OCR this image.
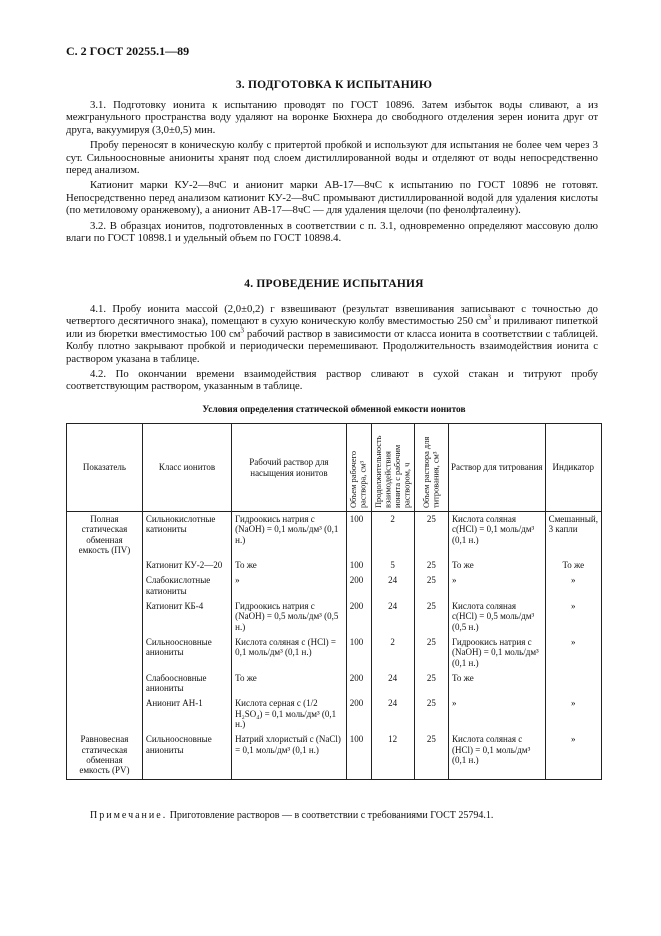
С. 2 ГОСТ 20255.1—89
3. ПОДГОТОВКА К ИСПЫТАНИЮ

3.1. Подготовку ионита к испытанию проводят по ГОСТ 10896. Затем избыток воды сливают, а из межгранульного пространства воду удаляют на воронке Бюхнера до свободного отделения зерен ионита друг от друга, вакуумируя (3,0±0,5) мин.

Пробу переносят в коническую колбу с притертой пробкой и используют для испытания не более чем через 3 сут. Сильноосновные аниониты хранят под слоем дистиллированной воды и отделяют от воды непосредственно перед анализом.

Катионит марки КУ-2—8чС и анионит марки АВ-17—8чС к испытанию по ГОСТ 10896 не готовят. Непосредственно перед анализом катионит КУ-2—8чС промывают дистиллированной водой для удаления кислоты (по метиловому оранжевому), а анионит АВ-17—8чС — для удаления щелочи (по фенолфталеину).

3.2. В образцах ионитов, подготовленных в соответствии с п. 3.1, одновременно определяют массовую долю влаги по ГОСТ 10898.1 и удельный объем по ГОСТ 10898.4.

4. ПРОВЕДЕНИЕ ИСПЫТАНИЯ

4.1. Пробу ионита массой (2,0±0,2) г взвешивают (результат взвешивания записывают с точностью до четвертого десятичного знака), помещают в сухую коническую колбу вместимостью 250 $см^3$ и приливают пипеткой или из бюретки вместимостью 100 $см^3$ рабочий раствор в зависимости от класса ионита в соответствии с таблицей. Колбу плотно закрывают пробкой и периодически перемешивают. Продолжительность взаимодействия ионита с раствором указана в таблице.

4.2. По окончании времени взаимодействия раствор сливают в сухой стакан и титруют пробу соответствующим раствором, указанным в таблице.

Условия определения статической обменной емкости ионитов
Показатель	Класс ионитов	Рабочий раствор для насыщения ионитов	Объем рабочего раствора, см³	Продолжительность взаимодействия ионита с рабочим раствором, ч	Объем раствора для титрования, см³	Раствор для титрования	Индикатор
Полная статическая обменная емкость (ПV)	Сильнокислотные катиониты	Гидроокись натрия c (NaOH) = 0,1 моль/дм³ (0,1 н.)	100	2	25	Кислота соляная c(HCl) = 0,1 моль/дм³ (0,1 н.)	Смешанный, 3 капли
	Катионит КУ-2—20	То же	100	5	25	То же	То же
	Слабокислотные катиониты	»	200	24	25	»	»
	Катионит КБ-4	Гидроокись натрия c (NaOH) = 0,5 моль/дм³ (0,5 н.)	200	24	25	Кислота соляная c(HCl) = 0,5 моль/дм³ (0,5 н.)	»
	Сильноосновные аниониты	Кислота соляная c (HCl) = 0,1 моль/дм³ (0,1 н.)	100	2	25	Гидроокись натрия c (NaOH) = 0,1 моль/дм³ (0,1 н.)	»
	Слабоосновные аниониты	То же	200	24	25	То же	
	Анионит АН-1	Кислота серная c (1/2 H₂SO₄) = 0,1 моль/дм³ (0,1 н.)	200	24	25	»	»
Равновесная статическая обменная емкость (РV)	Сильноосновные аниониты	Натрий хлористый c (NaCl) = 0,1 моль/дм³ (0,1 н.)	100	12	25	Кислота соляная c (HCl) = 0,1 моль/дм³ (0,1 н.)	»
Примечание. Приготовление растворов — в соответствии с требованиями ГОСТ 25794.1.
